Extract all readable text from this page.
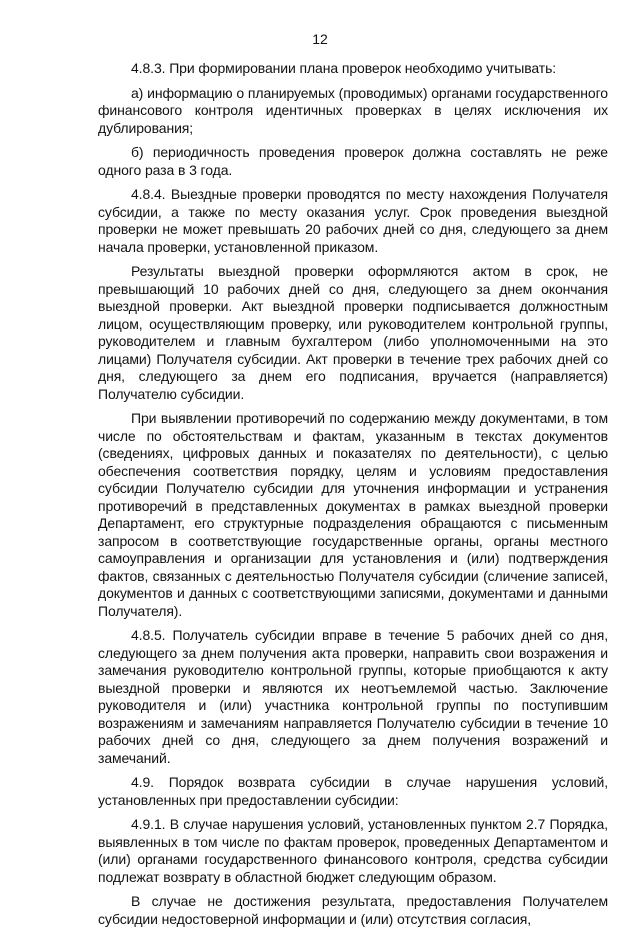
12

4.8.3. При формировании плана проверок необходимо учитывать:

а) информацию о планируемых (проводимых) органами государственного финансового контроля идентичных проверках в целях исключения их дублирования;

б) периодичность проведения проверок должна составлять не реже одного раза в 3 года.

4.8.4. Выездные проверки проводятся по месту нахождения Получателя субсидии, а также по месту оказания услуг. Срок проведения выездной проверки не может превышать 20 рабочих дней со дня, следующего за днем начала проверки, установленной приказом.

Результаты выездной проверки оформляются актом в срок, не превышающий 10 рабочих дней со дня, следующего за днем окончания выездной проверки. Акт выездной проверки подписывается должностным лицом, осуществляющим проверку, или руководителем контрольной группы, руководителем и главным бухгалтером (либо уполномоченными на это лицами) Получателя субсидии. Акт проверки в течение трех рабочих дней со дня, следующего за днем его подписания, вручается (направляется) Получателю субсидии.

При выявлении противоречий по содержанию между документами, в том числе по обстоятельствам и фактам, указанным в текстах документов (сведениях, цифровых данных и показателях по деятельности), с целью обеспечения соответствия порядку, целям и условиям предоставления субсидии Получателю субсидии для уточнения информации и устранения противоречий в представленных документах в рамках выездной проверки Департамент, его структурные подразделения обращаются с письменным запросом в соответствующие государственные органы, органы местного самоуправления и организации для установления и (или) подтверждения фактов, связанных с деятельностью Получателя субсидии (сличение записей, документов и данных с соответствующими записями, документами и данными Получателя).

4.8.5. Получатель субсидии вправе в течение 5 рабочих дней со дня, следующего за днем получения акта проверки, направить свои возражения и замечания руководителю контрольной группы, которые приобщаются к акту выездной проверки и являются их неотъемлемой частью. Заключение руководителя и (или) участника контрольной группы по поступившим возражениям и замечаниям направляется Получателю субсидии в течение 10 рабочих дней со дня, следующего за днем получения возражений и замечаний.

4.9. Порядок возврата субсидии в случае нарушения условий, установленных при предоставлении субсидии:

4.9.1. В случае нарушения условий, установленных пунктом 2.7 Порядка, выявленных в том числе по фактам проверок, проведенных Департаментом и (или) органами государственного финансового контроля, средства субсидии подлежат возврату в областной бюджет следующим образом.

В случае не достижения результата, предоставления Получателем субсидии недостоверной информации и (или) отсутствия согласия,
